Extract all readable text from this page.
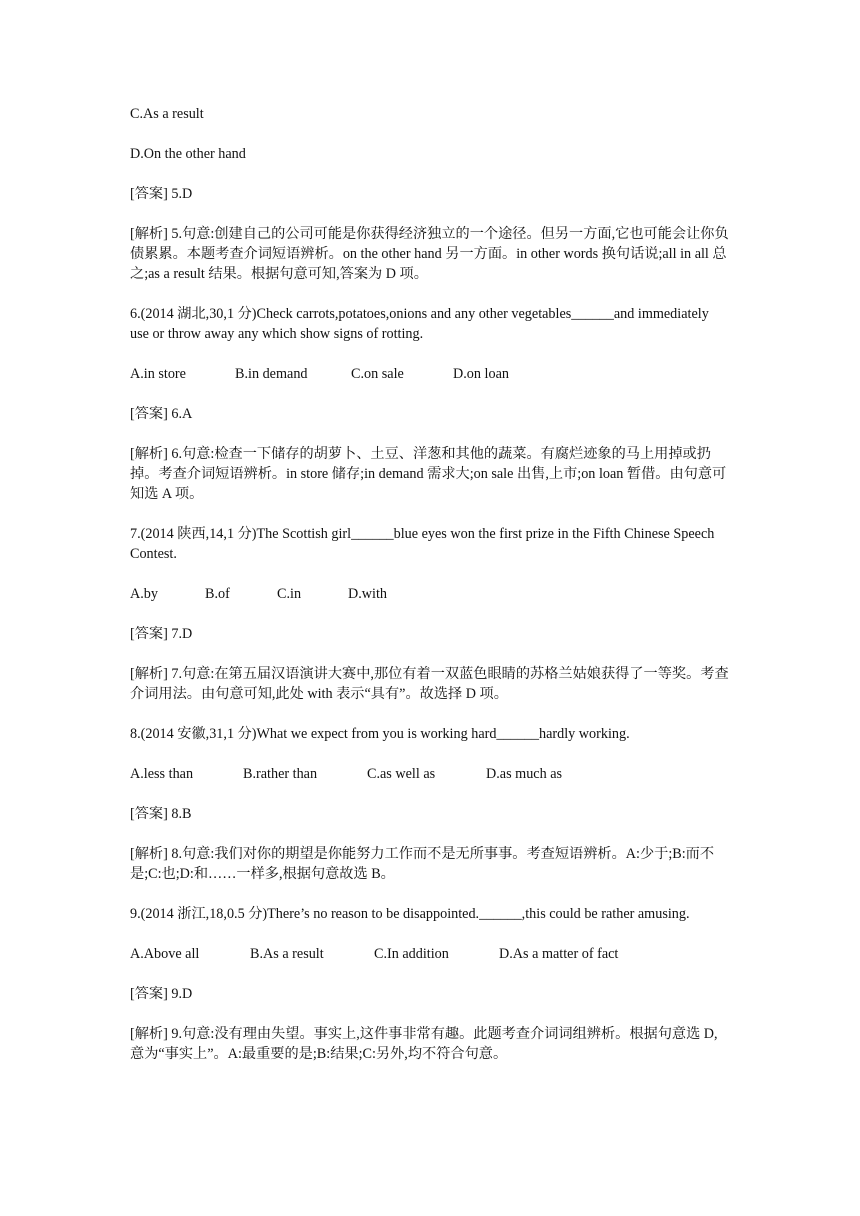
C.As a result

D.On the other hand

[答案] 5.D

[解析] 5.句意:创建自己的公司可能是你获得经济独立的一个途径。但另一方面,它也可能会让你负债累累。本题考查介词短语辨析。on the other hand 另一方面。in other words 换句话说;all in all 总之;as a result 结果。根据句意可知,答案为 D 项。

6.(2014 湖北,30,1 分)Check carrots,potatoes,onions and any other vegetables______and immediately use or throw away any which show signs of rotting.

A.in store	B.in demand	C.on sale	D.on loan

[答案] 6.A

[解析] 6.句意:检查一下储存的胡萝卜、土豆、洋葱和其他的蔬菜。有腐烂迹象的马上用掉或扔掉。考查介词短语辨析。in store 储存;in demand 需求大;on sale 出售,上市;on loan 暂借。由句意可知选 A 项。

7.(2014 陕西,14,1 分)The Scottish girl______blue eyes won the first prize in the Fifth Chinese Speech Contest.

A.by	B.of	C.in	D.with

[答案] 7.D

[解析] 7.句意:在第五届汉语演讲大赛中,那位有着一双蓝色眼睛的苏格兰姑娘获得了一等奖。考查介词用法。由句意可知,此处 with 表示“具有”。故选择 D 项。

8.(2014 安徽,31,1 分)What we expect from you is working hard______hardly working.

A.less than	B.rather than	C.as well as	D.as much as

[答案] 8.B

[解析] 8.句意:我们对你的期望是你能努力工作而不是无所事事。考查短语辨析。A:少于;B:而不是;C:也;D:和……一样多,根据句意故选 B。

9.(2014 浙江,18,0.5 分)There’s no reason to be disappointed.______,this could be rather amusing.

A.Above all	B.As a result	C.In addition	D.As a matter of fact

[答案] 9.D

[解析] 9.句意:没有理由失望。事实上,这件事非常有趣。此题考查介词词组辨析。根据句意选 D,意为“事实上”。A:最重要的是;B:结果;C:另外,均不符合句意。
